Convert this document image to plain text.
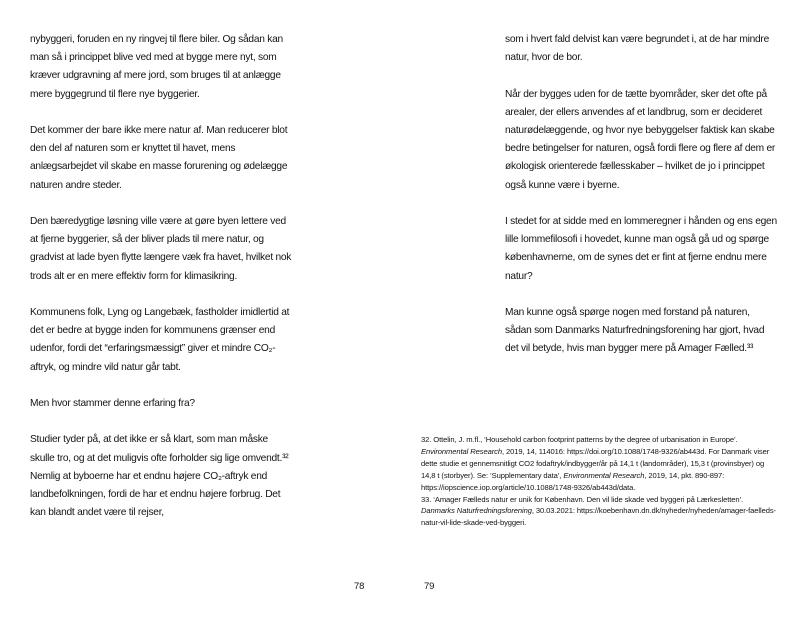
nybyggeri, foruden en ny ringvej til flere biler. Og sådan kan man så i princippet blive ved med at bygge mere nyt, som kræver udgravning af mere jord, som bruges til at anlægge mere byggegrund til flere nye byggerier.

Det kommer der bare ikke mere natur af. Man reducerer blot den del af naturen som er knyttet til havet, mens anlægsarbejdet vil skabe en masse forurening og ødelægge naturen andre steder.

Den bæredygtige løsning ville være at gøre byen lettere ved at fjerne byggerier, så der bliver plads til mere natur, og gradvist at lade byen flytte længere væk fra havet, hvilket nok trods alt er en mere effektiv form for klimasikring.

Kommunens folk, Lyng og Langebæk, fastholder imidlertid at det er bedre at bygge inden for kommunens grænser end udenfor, fordi det “erfaringsmæssigt” giver et mindre CO₂-aftryk, og mindre vild natur går tabt.

Men hvor stammer denne erfaring fra?

Studier tyder på, at det ikke er så klart, som man måske skulle tro, og at det muligvis ofte forholder sig lige omvendt.³² Nemlig at byboerne har et endnu højere CO₂-aftryk end landbefolkningen, fordi de har et endnu højere forbrug. Det kan blandt andet være til rejser,

som i hvert fald delvist kan være begrundet i, at de har mindre natur, hvor de bor.

Når der bygges uden for de tætte byområder, sker det ofte på arealer, der ellers anvendes af et landbrug, som er decideret naturødelæggende, og hvor nye bebyggelser faktisk kan skabe bedre betingelser for naturen, også fordi flere og flere af dem er økologisk orienterede fællesskaber – hvilket de jo i princippet også kunne være i byerne.

I stedet for at sidde med en lommeregner i hånden og ens egen lille lommefilosofi i hovedet, kunne man også gå ud og spørge københavnerne, om de synes det er fint at fjerne endnu mere natur?

Man kunne også spørge nogen med forstand på naturen, sådan som Danmarks Naturfredningsforening har gjort, hvad det vil betyde, hvis man bygger mere på Amager Fælled.³³

32. Ottelin, J. m.fl., ‘Household carbon footprint patterns by the degree of urbanisation in Europe’. Environmental Research, 2019, 14, 114016: https://doi.org/10.1088/1748-9326/ab443d. For Danmark viser dette studie et gennemsnitligt CO2 fodaftryk/indbygger/år på 14,1 t (landområder), 15,3 t (provinsbyer) og 14,8 t (storbyer). Se: ‘Supplementary data’, Environmental Research, 2019, 14, pkt. 890-897: https://iopscience.iop.org/article/10.1088/1748-9326/ab443d/data.

33. ‘Amager Fælleds natur er unik for København. Den vil lide skade ved byggeri på Lærkesletten’. Danmarks Naturfredningsforening, 30.03.2021: https://koebenhavn.dn.dk/nyheder/nyheden/amager-faelleds-natur-vil-lide-skade-ved-byggeri.

78	79
